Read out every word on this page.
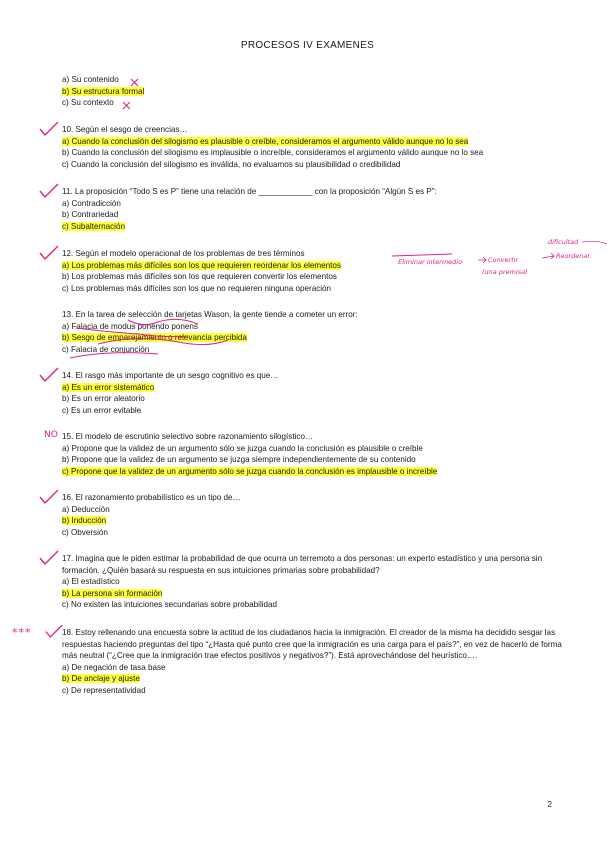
PROCESOS IV EXAMENES
a) Su contenido
b) Su estructura formal
c) Su contexto
10. Según el sesgo de creencias…
a) Cuando la conclusión del silogismo es plausible o creíble, consideramos el argumento válido aunque no lo sea
b) Cuando la conclusión del silogismo es implausible o increíble, consideramos el argumento válido aunque no lo sea
c) Cuando la conclusión del silogismo es inválida, no evaluamos su plausibilidad o credibilidad
11. La proposición “Todo S es P” tiene una relación de ____________ con la proposición “Algún S es P”:
a) Contradicción
b) Contrariedad
c) Subalternación
12. Según el modelo operacional de los problemas de tres términos
a) Los problemas más difíciles son los que requieren reordenar los elementos
b) Los problemas más difíciles son los que requieren convertir los elementos
c) Los problemas más difíciles son los que no requieren ninguna operación
13. En la tarea de selección de tarjetas Wason, la gente tiende a cometer un error:
a) Falacia de modus ponendo ponens
b) Sesgo de emparejamiento o relevancia percibida
c) Falacia de conjunción
14. El rasgo más importante de un sesgo cognitivo es que…
a) Es un error sistemático
b) Es un error aleatorio
c) Es un error evitable
15. El modelo de escrutinio selectivo sobre razonamiento silogístico…
a) Propone que la validez de un argumento sólo se juzga cuando la conclusión es plausible o creíble
b) Propone que la validez de un argumento se juzga siempre independientemente de su contenido
c) Propone que la validez de un argumento sólo se juzga cuando la conclusión es implausible o increíble
16. El razonamiento probabilístico es un tipo de…
a) Deducción
b) Inducción
c) Obversión
17. Imagina que le piden estimar la probabilidad de que ocurra un terremoto a dos personas: un experto estadístico y una persona sin formación. ¿Quién basará su respuesta en sus intuiciones primarias sobre probabilidad?
a) El estadístico
b) La persona sin formación
c) No existen las intuiciones secundarias sobre probabilidad
18. Estoy rellenando una encuesta sobre la actitud de los ciudadanos hacia la inmigración. El creador de la misma ha decidido sesgar las respuestas haciendo preguntas del tipo “¿Hasta qué punto cree que la inmigración es una carga para el país?”, en vez de hacerlo de forma más neutral (“¿Cree que la inmigración trae efectos positivos y negativos?”). Está aprovechándose del heurístico….
a) De negación de tasa base
b) De anclaje y ajuste
c) De representatividad
NO
***
Eliminar intermedio	Convertir	Reordenar
dificultad
(una premisa)
2
